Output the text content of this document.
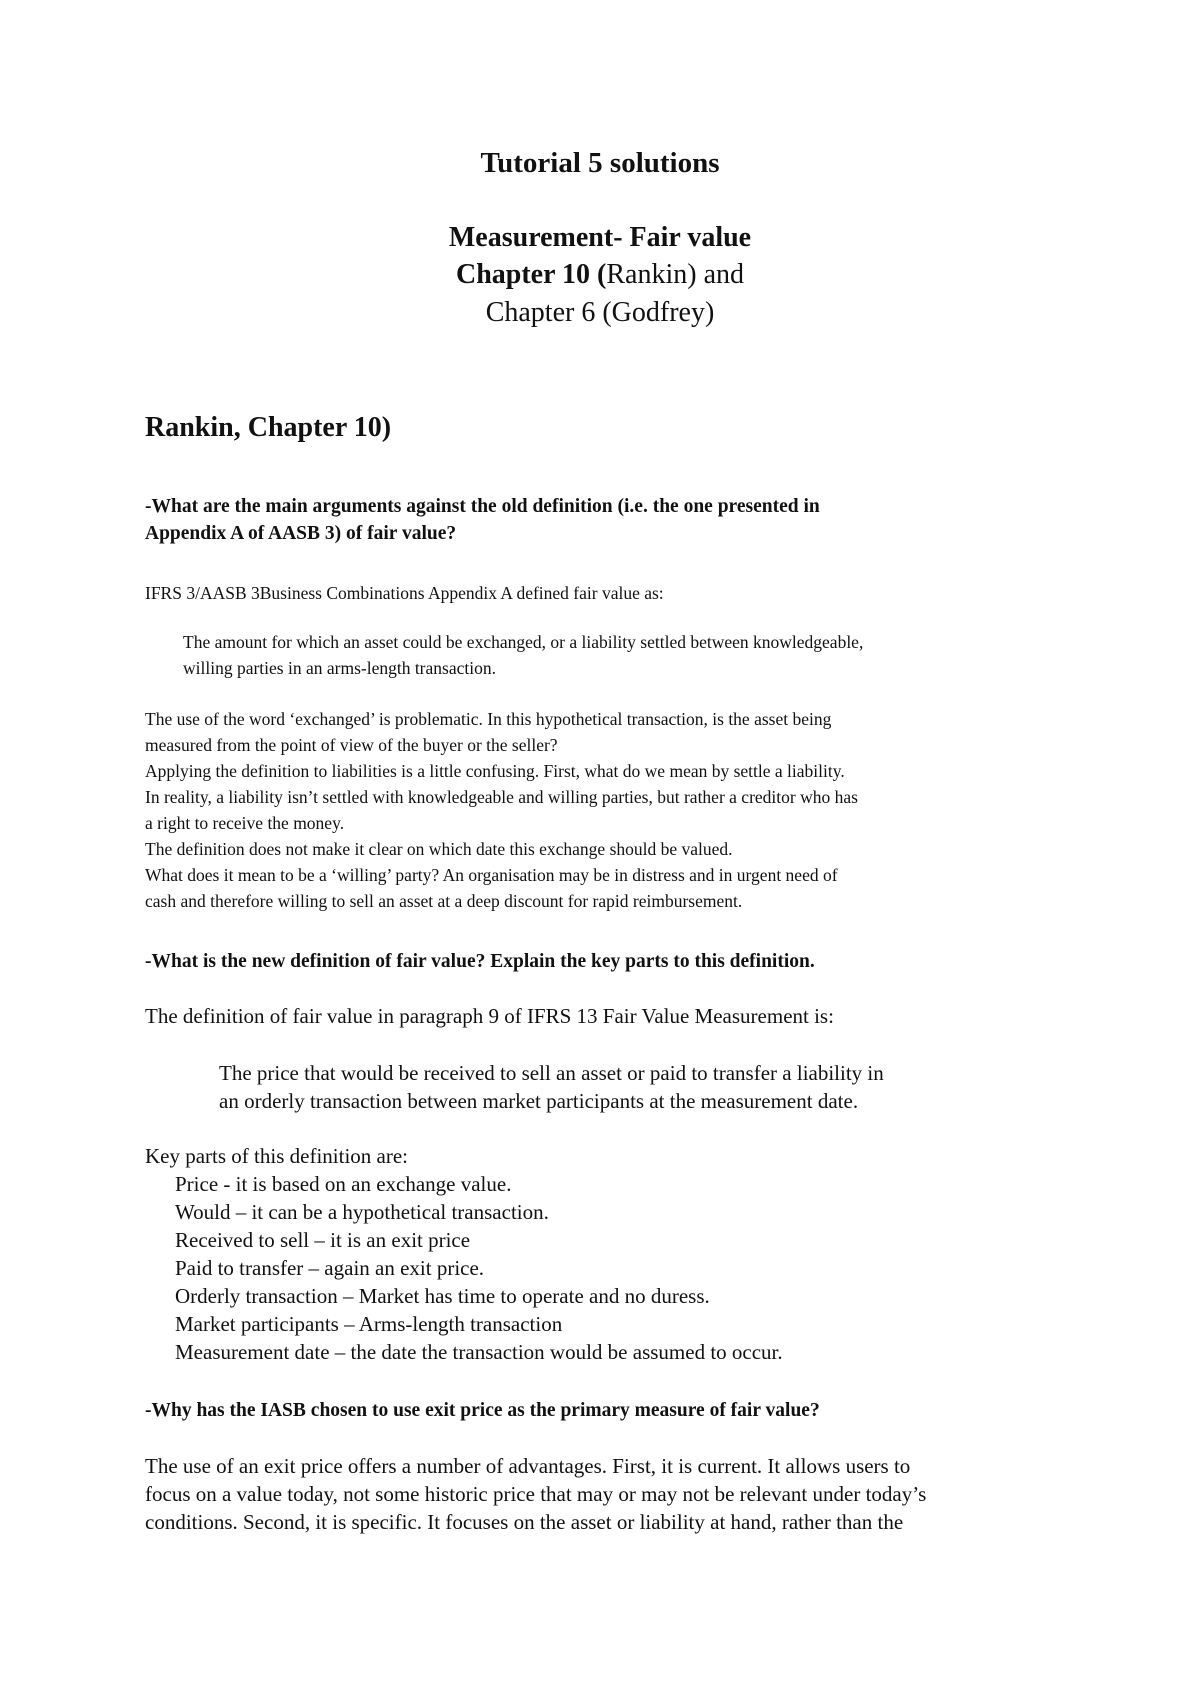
Tutorial 5 solutions
Measurement- Fair value
Chapter 10 (Rankin) and
Chapter 6 (Godfrey)
Rankin, Chapter 10)

-What are the main arguments against the old definition (i.e. the one presented in

Appendix A of AASB 3) of fair value?

IFRS 3/AASB 3Business Combinations Appendix A defined fair value as:

The amount for which an asset could be exchanged, or a liability settled between knowledgeable,

willing parties in an arms-length transaction.

The use of the word ‘exchanged’ is problematic. In this hypothetical transaction, is the asset being

measured from the point of view of the buyer or the seller?

Applying the definition to liabilities is a little confusing. First, what do we mean by settle a liability.

In reality, a liability isn’t settled with knowledgeable and willing parties, but rather a creditor who has

a right to receive the money.

The definition does not make it clear on which date this exchange should be valued.

What does it mean to be a ‘willing’ party? An organisation may be in distress and in urgent need of

cash and therefore willing to sell an asset at a deep discount for rapid reimbursement.

-What is the new definition of fair value? Explain the key parts to this definition.
The definition of fair value in paragraph 9 of IFRS 13 Fair Value Measurement is:

The price that would be received to sell an asset or paid to transfer a liability in

an orderly transaction between market participants at the measurement date.

Key parts of this definition are:

Price - it is based on an exchange value.
Would – it can be a hypothetical transaction.
Received to sell – it is an exit price
Paid to transfer – again an exit price.
Orderly transaction – Market has time to operate and no duress.
Market participants – Arms-length transaction
Measurement date – the date the transaction would be assumed to occur.
-Why has the IASB chosen to use exit price as the primary measure of fair value?

The use of an exit price offers a number of advantages. First, it is current. It allows users to

focus on a value today, not some historic price that may or may not be relevant under today’s

conditions. Second, it is specific. It focuses on the asset or liability at hand, rather than the
